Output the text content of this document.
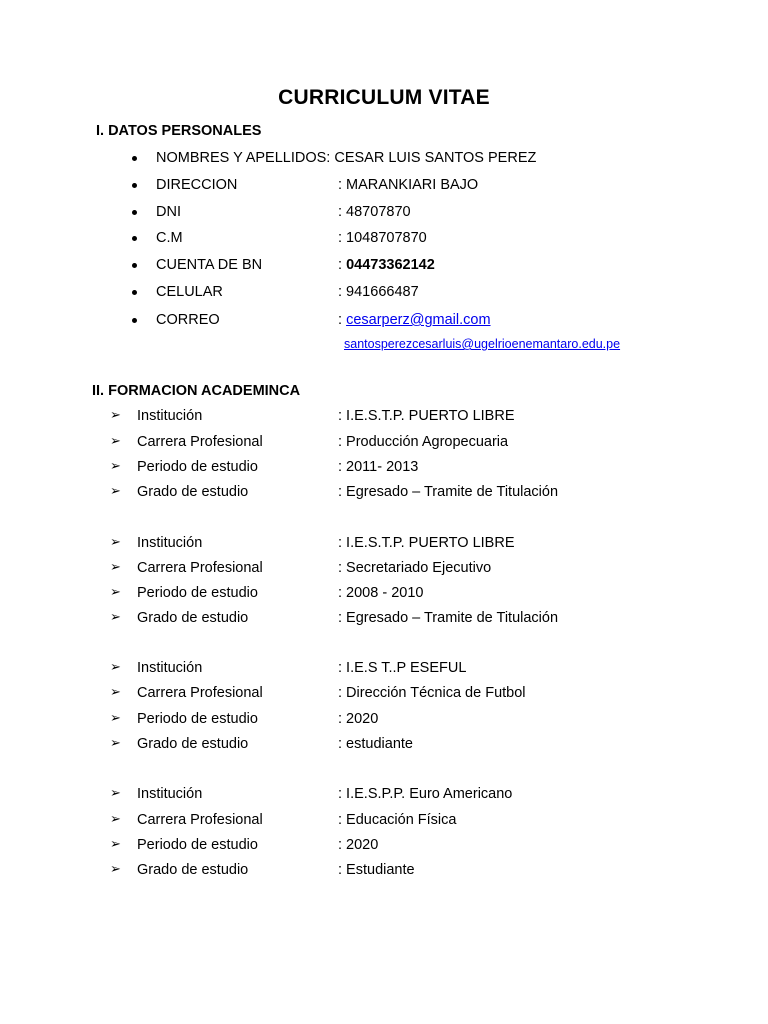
CURRICULUM VITAE
I. DATOS PERSONALES
NOMBRES Y APELLIDOS: CESAR LUIS SANTOS PEREZ
DIRECCION	: MARANKIARI BAJO
DNI	: 48707870
C.M	: 1048707870
CUENTA DE BN	: 04473362142
CELULAR	: 941666487
CORREO	: cesarperz@gmail.com
santosperezcesarluis@ugelrioenemantaro.edu.pe
II. FORMACION ACADEMINCA
➢ Institución	: I.E.S.T.P. PUERTO LIBRE
➢ Carrera Profesional	: Producción Agropecuaria
➢ Periodo de estudio	: 2011- 2013
➢ Grado de estudio	: Egresado – Tramite de Titulación
➢ Institución	: I.E.S.T.P. PUERTO LIBRE
➢ Carrera Profesional	: Secretariado Ejecutivo
➢ Periodo de estudio	: 2008 - 2010
➢ Grado de estudio	: Egresado – Tramite de Titulación
➢ Institución	: I.E.S T..P ESEFUL
➢ Carrera Profesional	: Dirección Técnica de Futbol
➢ Periodo de estudio	: 2020
➢ Grado de estudio	: estudiante
➢ Institución	: I.E.S.P.P. Euro Americano
➢ Carrera Profesional	: Educación Física
➢ Periodo de estudio	: 2020
➢ Grado de estudio	: Estudiante
